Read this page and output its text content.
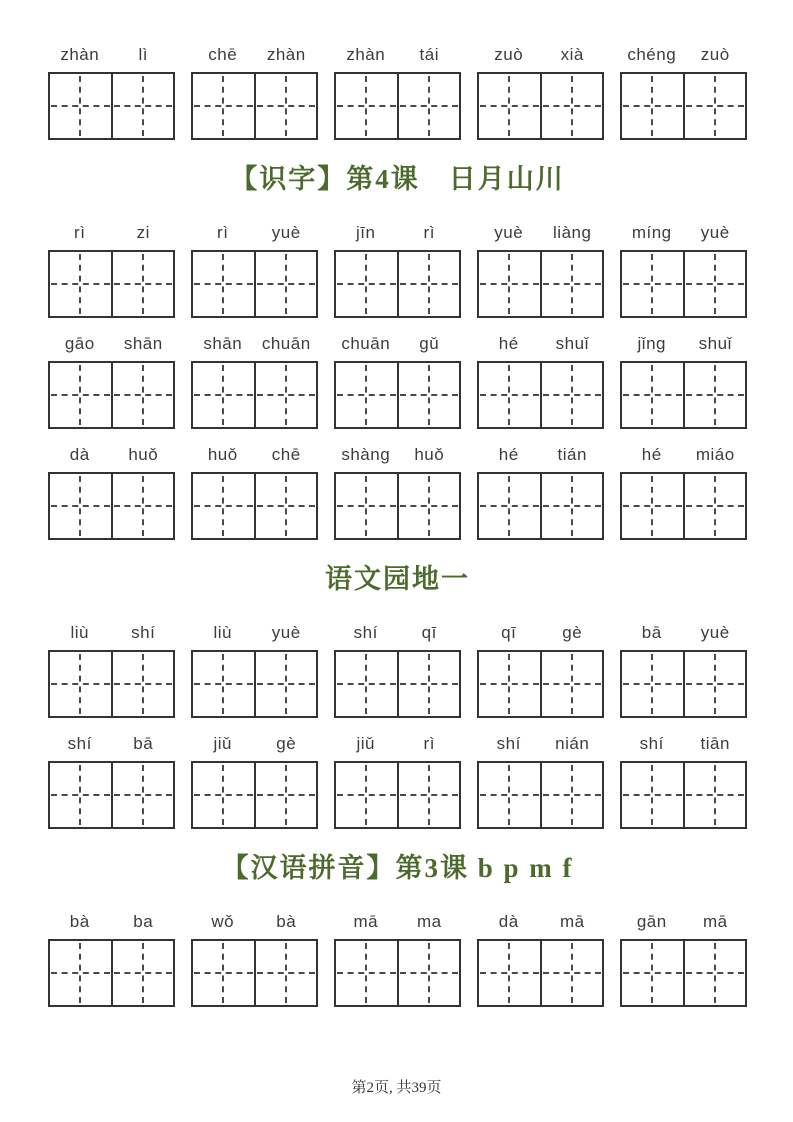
zhàn	lì	chē	zhàn	zhàn	tái	zuò	xià	chéng	zuò
【识字】第4课　日月山川
rì	zi	rì	yuè	jīn	rì	yuè	liàng	míng	yuè
gāo	shān	shān	chuān	chuān	gǔ	hé	shuǐ	jǐng	shuǐ
dà	huǒ	huǒ	chē	shàng	huǒ	hé	tián	hé	miáo
语文园地一
liù	shí	liù	yuè	shí	qī	qī	gè	bā	yuè
shí	bā	jiǔ	gè	jiǔ	rì	shí	nián	shí	tiān
【汉语拼音】第3课 b p m f
bà	ba	wǒ	bà	mā	ma	dà	mā	gān	mā
第2页, 共39页
